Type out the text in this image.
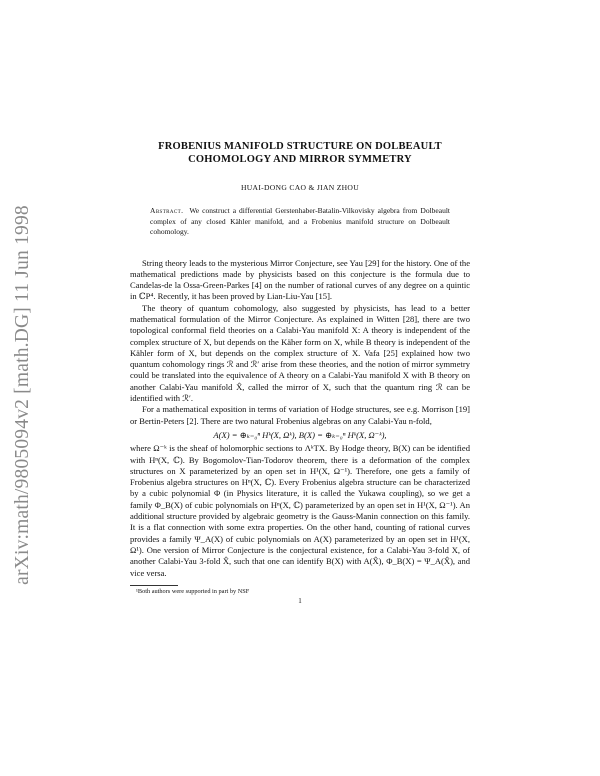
arXiv:math/9805094v2 [math.DG] 11 Jun 1998
FROBENIUS MANIFOLD STRUCTURE ON DOLBEAULT
COHOMOLOGY AND MIRROR SYMMETRY
HUAI-DONG CAO & JIAN ZHOU
Abstract. We construct a differential Gerstenhaber-Batalin-Vilkovisky algebra from Dolbeault complex of any closed Kähler manifold, and a Frobenius manifold structure on Dolbeault cohomology.

String theory leads to the mysterious Mirror Conjecture, see Yau [29] for the history. One of the mathematical predictions made by physicists based on this conjecture is the formula due to Candelas-de la Ossa-Green-Parkes [4] on the number of rational curves of any degree on a quintic in ℂP⁴. Recently, it has been proved by Lian-Liu-Yau [15].

The theory of quantum cohomology, also suggested by physicists, has lead to a better mathematical formulation of the Mirror Conjecture. As explained in Witten [28], there are two topological conformal field theories on a Calabi-Yau manifold X: A theory is independent of the complex structure of X, but depends on the Käher form on X, while B theory is independent of the Kähler form of X, but depends on the complex structure of X. Vafa [25] explained how two quantum cohomology rings ℛ and ℛ′ arise from these theories, and the notion of mirror symmetry could be translated into the equivalence of A theory on a Calabi-Yau manifold X with B theory on another Calabi-Yau manifold X̂, called the mirror of X, such that the quantum ring ℛ can be identified with ℛ′.

For a mathematical exposition in terms of variation of Hodge structures, see e.g. Morrison [19] or Bertin-Peters [2]. There are two natural Frobenius algebras on any Calabi-Yau n-fold,

A(X) = ⊕ₖ₌₀ⁿ Hᵏ(X, Ωᵏ), B(X) = ⊕ₖ₌₀ⁿ Hᵏ(X, Ω⁻ᵏ),

where Ω⁻ᵏ is the sheaf of holomorphic sections to ΛᵏTX. By Hodge theory, B(X) can be identified with Hⁿ(X, ℂ). By Bogomolov-Tian-Todorov theorem, there is a deformation of the complex structures on X parameterized by an open set in H¹(X, Ω⁻¹). Therefore, one gets a family of Frobenius algebra structures on Hⁿ(X, ℂ). Every Frobenius algebra structure can be characterized by a cubic polynomial Φ (in Physics literature, it is called the Yukawa coupling), so we get a family Φ_B(X) of cubic polynomials on Hⁿ(X, ℂ) parameterized by an open set in H¹(X, Ω⁻¹). An additional structure provided by algebraic geometry is the Gauss-Manin connection on this family. It is a flat connection with some extra properties. On the other hand, counting of rational curves provides a family Ψ_A(X) of cubic polynomials on A(X) parameterized by an open set in H¹(X, Ω¹). One version of Mirror Conjecture is the conjectural existence, for a Calabi-Yau 3-fold X, of another Calabi-Yau 3-fold X̂, such that one can identify B(X) with A(X̂), Φ_B(X) = Ψ_A(X̂), and vice versa.

¹Both authors were supported in part by NSF
1
